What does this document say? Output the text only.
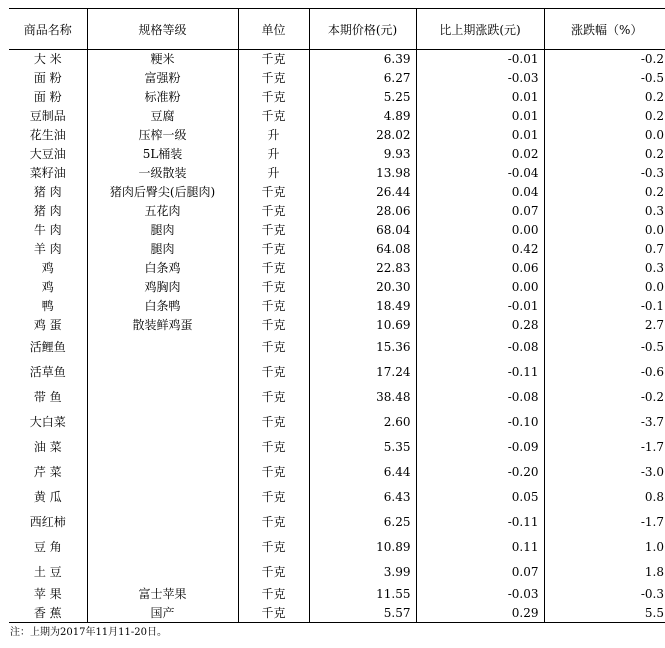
商品名称	规格等级	单位	本期价格(元)	比上期涨跌(元)	涨跌幅（%）
大 米	粳米	千克	6.39	-0.01	-0.2
面 粉	富强粉	千克	6.27	-0.03	-0.5
面 粉	标准粉	千克	5.25	0.01	0.2
豆制品	豆腐	千克	4.89	0.01	0.2
花生油	压榨一级	升	28.02	0.01	0.0
大豆油	5L桶装	升	9.93	0.02	0.2
菜籽油	一级散装	升	13.98	-0.04	-0.3
猪 肉	猪肉后臀尖(后腿肉)	千克	26.44	0.04	0.2
猪 肉	五花肉	千克	28.06	0.07	0.3
牛 肉	腿肉	千克	68.04	0.00	0.0
羊 肉	腿肉	千克	64.08	0.42	0.7
鸡	白条鸡	千克	22.83	0.06	0.3
鸡	鸡胸肉	千克	20.30	0.00	0.0
鸭	白条鸭	千克	18.49	-0.01	-0.1
鸡 蛋	散装鲜鸡蛋	千克	10.69	0.28	2.7
活鲤鱼		千克	15.36	-0.08	-0.5
活草鱼		千克	17.24	-0.11	-0.6
带 鱼		千克	38.48	-0.08	-0.2
大白菜		千克	2.60	-0.10	-3.7
油 菜		千克	5.35	-0.09	-1.7
芹 菜		千克	6.44	-0.20	-3.0
黄 瓜		千克	6.43	0.05	0.8
西红柿		千克	6.25	-0.11	-1.7
豆 角		千克	10.89	0.11	1.0
土 豆		千克	3.99	0.07	1.8
苹 果	富士苹果	千克	11.55	-0.03	-0.3
香 蕉	国产	千克	5.57	0.29	5.5
注：上期为2017年11月11-20日。
